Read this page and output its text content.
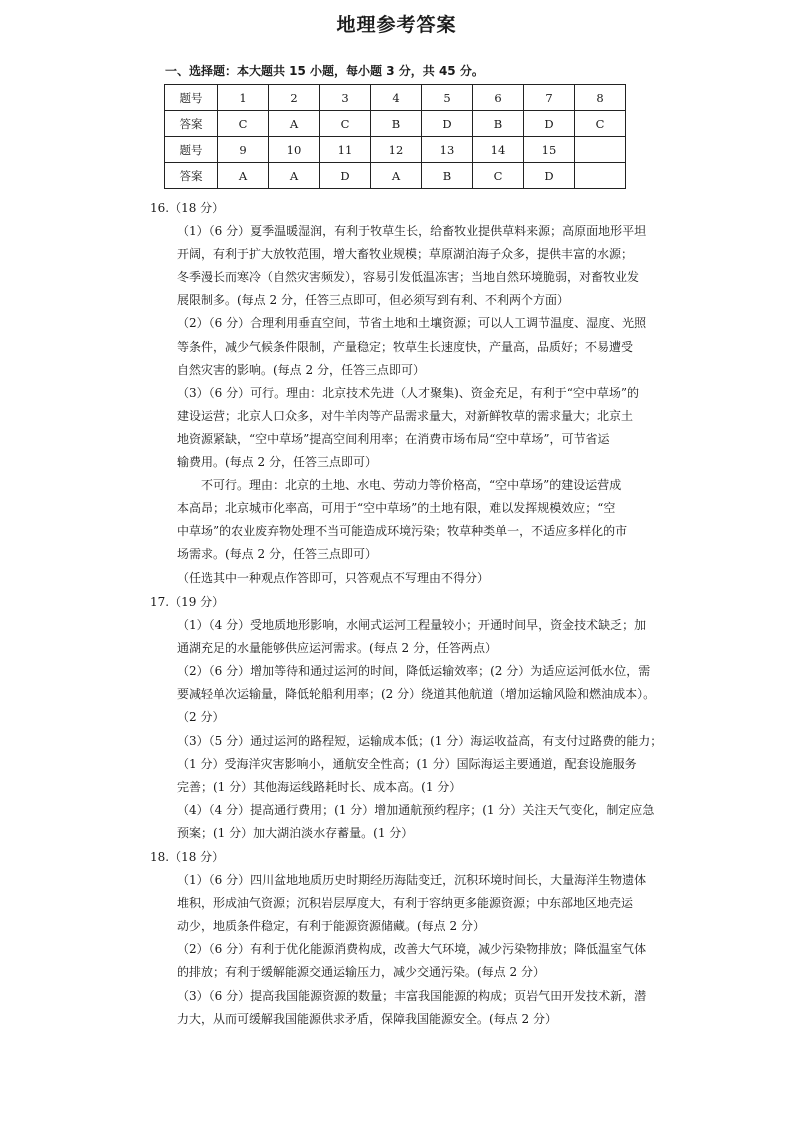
地理参考答案
一、选择题：本大题共 15 小题，每小题 3 分，共 45 分。
题号	1	2	3	4	5	6	7	8
答案	C	A	C	B	D	B	D	C
题号	9	10	11	12	13	14	15	
答案	A	A	D	A	B	C	D	
16.（18 分）
（1）（6 分）夏季温暖湿润，有利于牧草生长，给畜牧业提供草料来源；高原面地形平坦
开阔，有利于扩大放牧范围，增大畜牧业规模；草原湖泊海子众多，提供丰富的水源；
冬季漫长而寒冷（自然灾害频发），容易引发低温冻害；当地自然环境脆弱，对畜牧业发
展限制多。(每点 2 分，任答三点即可，但必须写到有利、不利两个方面）
（2）（6 分）合理利用垂直空间，节省土地和土壤资源；可以人工调节温度、湿度、光照
等条件，减少气候条件限制，产量稳定；牧草生长速度快，产量高，品质好；不易遭受
自然灾害的影响。(每点 2 分，任答三点即可）
（3）（6 分）可行。理由：北京技术先进（人才聚集)、资金充足，有利于“空中草场”的
建设运营；北京人口众多，对牛羊肉等产品需求量大，对新鲜牧草的需求量大；北京土
地资源紧缺，“空中草场”提高空间利用率；在消费市场布局“空中草场”，可节省运
输费用。(每点 2 分，任答三点即可）
　　不可行。理由：北京的土地、水电、劳动力等价格高，“空中草场”的建设运营成
本高昂；北京城市化率高，可用于“空中草场”的土地有限，难以发挥规模效应；“空
中草场”的农业废弃物处理不当可能造成环境污染；牧草种类单一，不适应多样化的市
场需求。(每点 2 分，任答三点即可）
（任选其中一种观点作答即可，只答观点不写理由不得分）
17.（19 分）
（1）（4 分）受地质地形影响，水闸式运河工程量较小；开通时间早，资金技术缺乏；加
通湖充足的水量能够供应运河需求。(每点 2 分，任答两点）
（2）（6 分）增加等待和通过运河的时间，降低运输效率；(2 分）为适应运河低水位，需
要减轻单次运输量，降低轮船利用率；(2 分）绕道其他航道（增加运输风险和燃油成本）。
（2 分）
（3）（5 分）通过运河的路程短，运输成本低；(1 分）海运收益高，有支付过路费的能力；
（1 分）受海洋灾害影响小，通航安全性高；(1 分）国际海运主要通道，配套设施服务
完善；(1 分）其他海运线路耗时长、成本高。(1 分）
（4）（4 分）提高通行费用；(1 分）增加通航预约程序；(1 分）关注天气变化，制定应急
预案；(1 分）加大湖泊淡水存蓄量。(1 分）
18.（18 分）
（1）（6 分）四川盆地地质历史时期经历海陆变迁，沉积环境时间长，大量海洋生物遗体
堆积，形成油气资源；沉积岩层厚度大，有利于容纳更多能源资源；中东部地区地壳运
动少，地质条件稳定，有利于能源资源储藏。(每点 2 分）
（2）（6 分）有利于优化能源消费构成，改善大气环境，减少污染物排放；降低温室气体
的排放；有利于缓解能源交通运输压力，减少交通污染。(每点 2 分）
（3）（6 分）提高我国能源资源的数量；丰富我国能源的构成；页岩气田开发技术新，潜
力大，从而可缓解我国能源供求矛盾，保障我国能源安全。(每点 2 分）
